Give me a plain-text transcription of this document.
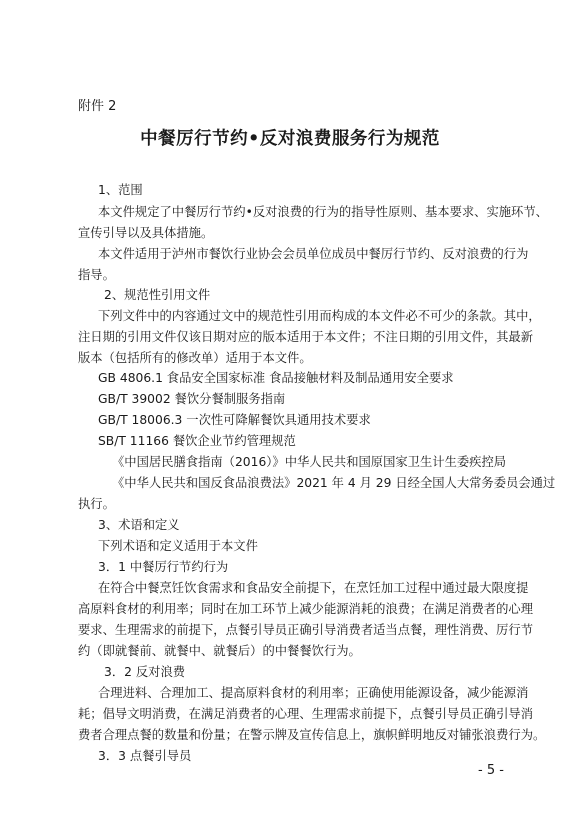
附件 2
中餐厉行节约•反对浪费服务行为规范
1、范围
本文件规定了中餐厉行节约•反对浪费的行为的指导性原则、基本要求、实施环节、
宣传引导以及具体措施。
本文件适用于泸州市餐饮行业协会会员单位成员中餐厉行节约、反对浪费的行为
指导。
2、规范性引用文件
下列文件中的内容通过文中的规范性引用而构成的本文件必不可少的条款。其中，
注日期的引用文件仅该日期对应的版本适用于本文件；不注日期的引用文件，其最新
版本（包括所有的修改单）适用于本文件。
GB 4806.1 食品安全国家标准 食品接触材料及制品通用安全要求
GB/T 39002 餐饮分餐制服务指南
GB/T 18006.3 一次性可降解餐饮具通用技术要求
SB/T 11166 餐饮企业节约管理规范
《中国居民膳食指南（2016）》中华人民共和国原国家卫生计生委疾控局
《中华人民共和国反食品浪费法》2021 年 4 月 29 日经全国人大常务委员会通过
执行。
3、术语和定义
下列术语和定义适用于本文件
3．1 中餐厉行节约行为
在符合中餐烹饪饮食需求和食品安全前提下，在烹饪加工过程中通过最大限度提
高原料食材的利用率；同时在加工环节上减少能源消耗的浪费；在满足消费者的心理
要求、生理需求的前提下，点餐引导员正确引导消费者适当点餐，理性消费、厉行节
约（即就餐前、就餐中、就餐后）的中餐餐饮行为。
3．2 反对浪费
合理进料、合理加工、提高原料食材的利用率；正确使用能源设备，减少能源消
耗；倡导文明消费，在满足消费者的心理、生理需求前提下，点餐引导员正确引导消
费者合理点餐的数量和份量；在警示牌及宣传信息上，旗帜鲜明地反对铺张浪费行为。
3．3 点餐引导员
- 5 -
